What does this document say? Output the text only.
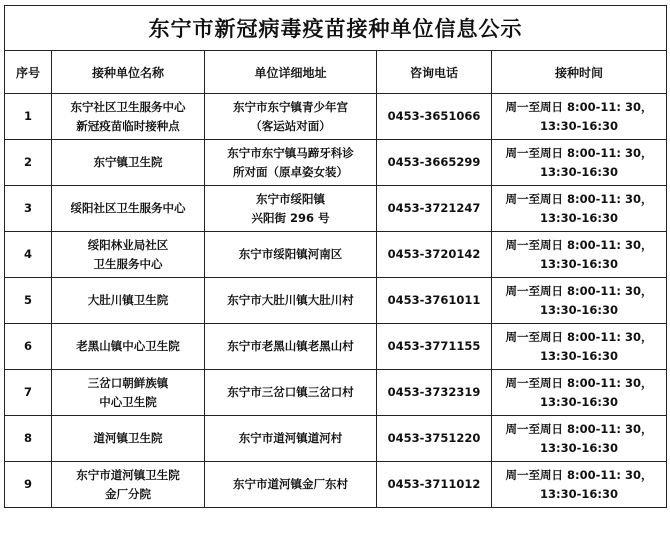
东宁市新冠病毒疫苗接种单位信息公示				
序号	接种单位名称	单位详细地址	咨询电话	接种时间

1	东宁社区卫生服务中心
新冠疫苗临时接种点	东宁市东宁镇青少年宫
（客运站对面）	0453-3651066	周一至周日 8:00-11: 30，
13:30-16:30

2	东宁镇卫生院	东宁市东宁镇马蹄牙科诊
所对面（原卓姿女装）	0453-3665299	周一至周日 8:00-11: 30，
13:30-16:30

3	绥阳社区卫生服务中心	东宁市绥阳镇
兴阳街 296 号	0453-3721247	周一至周日 8:00-11: 30，
13:30-16:30

4	绥阳林业局社区
卫生服务中心	东宁市绥阳镇河南区	0453-3720142	周一至周日 8:00-11: 30，
13:30-16:30

5	大肚川镇卫生院	东宁市大肚川镇大肚川村	0453-3761011	周一至周日 8:00-11: 30，
13:30-16:30

6	老黑山镇中心卫生院	东宁市老黑山镇老黑山村	0453-3771155	周一至周日 8:00-11: 30，
13:30-16:30

7	三岔口朝鲜族镇
中心卫生院	东宁市三岔口镇三岔口村	0453-3732319	周一至周日 8:00-11: 30，
13:30-16:30

8	道河镇卫生院	东宁市道河镇道河村	0453-3751220	周一至周日 8:00-11: 30，
13:30-16:30

9	东宁市道河镇卫生院
金厂分院	东宁市道河镇金厂东村	0453-3711012	周一至周日 8:00-11: 30，
13:30-16:30
